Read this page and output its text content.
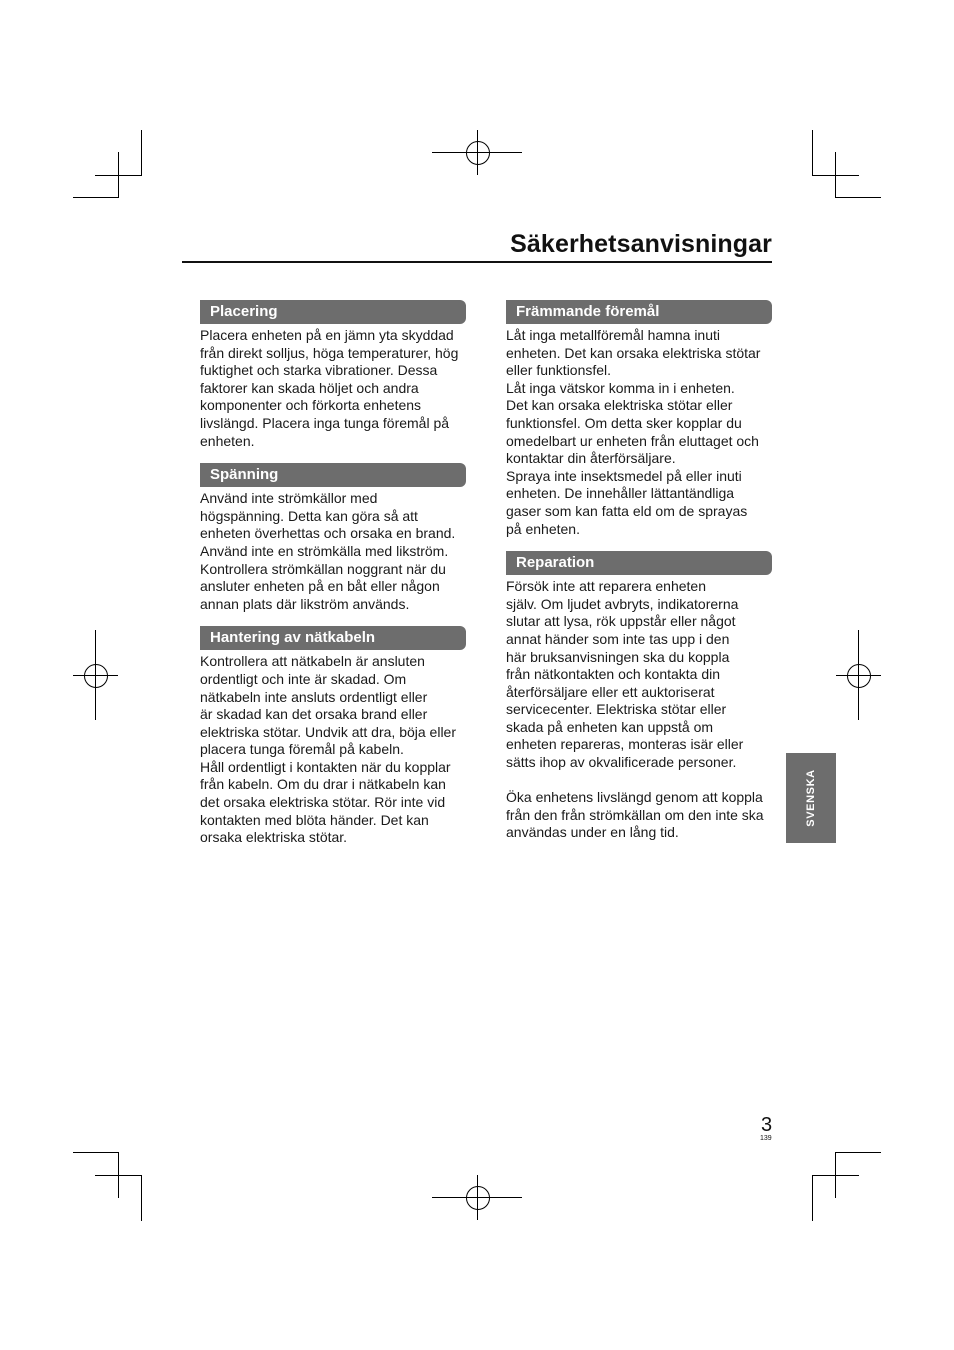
Säkerhetsanvisningar
Placering
Placera enheten på en jämn yta skyddad
från direkt solljus, höga temperaturer, hög
fuktighet och starka vibrationer. Dessa
faktorer kan skada höljet och andra
komponenter och förkorta enhetens
livslängd. Placera inga tunga föremål på
enheten.
Spänning
Använd inte strömkällor med
högspänning. Detta kan göra så att
enheten överhettas och orsaka en brand.
Använd inte en strömkälla med likström.
Kontrollera strömkällan noggrant när du
ansluter enheten på en båt eller någon
annan plats där likström används.
Hantering av nätkabeln
Kontrollera att nätkabeln är ansluten
ordentligt och inte är skadad. Om
nätkabeln inte ansluts ordentligt eller
är skadad kan det orsaka brand eller
elektriska stötar. Undvik att dra, böja eller
placera tunga föremål på kabeln.
Håll ordentligt i kontakten när du kopplar
från kabeln. Om du drar i nätkabeln kan
det orsaka elektriska stötar. Rör inte vid
kontakten med blöta händer. Det kan
orsaka elektriska stötar.
Främmande föremål
Låt inga metallföremål hamna inuti
enheten. Det kan orsaka elektriska stötar
eller funktionsfel.
Låt inga vätskor komma in i enheten.
Det kan orsaka elektriska stötar eller
funktionsfel. Om detta sker kopplar du
omedelbart ur enheten från eluttaget och
kontaktar din återförsäljare.
Spraya inte insektsmedel på eller inuti
enheten. De innehåller lättantändliga
gaser som kan fatta eld om de sprayas
på enheten.
Reparation
Försök inte att reparera enheten
själv. Om ljudet avbryts, indikatorerna
slutar att lysa, rök uppstår eller något
annat händer som inte tas upp i den
här bruksanvisningen ska du koppla
från nätkontakten och kontakta din
återförsäljare eller ett auktoriserat
servicecenter. Elektriska stötar eller
skada på enheten kan uppstå om
enheten repareras, monteras isär eller
sätts ihop av okvalificerade personer.

Öka enhetens livslängd genom att koppla
från den från strömkällan om den inte ska
användas under en lång tid.
SVENSKA
3
139
